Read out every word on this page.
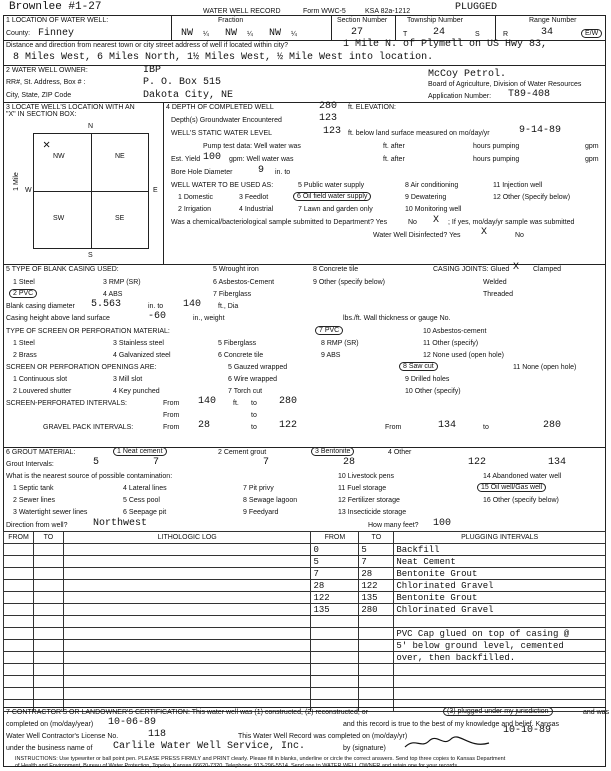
Brownlee #1-27	PLUGGED
WATER WELL RECORD	Form WWC-5	KSA 82a-1212
1 LOCATION OF WATER WELL:
County: Finney
Fraction
NW ¼ NW ¼ NW ¼
Section Number
27
Township Number
T	24	S
Range Number
R	34	E/W
Distance and direction from nearest town or city street address of well if located within city?	1 Mile N. of Plymell on US Hwy 83,
8 Miles West, 6 Miles North, 1½ Miles West, ½ Mile West into location.
2 WATER WELL OWNER:	IBP
RR#, St. Address, Box # :	P. O. Box 515
City, State, ZIP Code	Dakota City, NE
McCoy Petrol.
Board of Agriculture, Division of Water Resources
Application Number: T89-408
3 LOCATE WELL'S LOCATION WITH AN "X" IN SECTION BOX:
N
NW	NE
SW	SE
✕
W	E
S
1 Mile
4 DEPTH OF COMPLETED WELL	280 ft. ELEVATION:
Depth(s) Groundwater Encountered	123
WELL'S STATIC WATER LEVEL	123 ft. below land surface measured on mo/day/yr	9-14-89
Pump test data: Well water was	ft. after	hours pumping	gpm
Est. Yield 100 gpm: Well water was	ft. after	hours pumping	gpm
Bore Hole Diameter	9 in. to
WELL WATER TO BE USED AS:
1 Domestic
2 Irrigation
3 Feedlot
4 Industrial
5 Public water supply
6 Oil field water supply
7 Lawn and garden only
8 Air conditioning
9 Dewatering
10 Monitoring well
11 Injection well
12 Other (Specify below)
Was a chemical/bacteriological sample submitted to Department? Yes	No X ; If yes, mo/day/yr sample was submitted
Water Well Disinfected? Yes X	No
5 TYPE OF BLANK CASING USED:
1 Steel
2 PVC
3 RMP (SR)
4 ABS
5 Wrought iron
6 Asbestos-Cement
7 Fiberglass
8 Concrete tile
9 Other (specify below)
CASING JOINTS: Glued X Clamped
Welded
Threaded
Blank casing diameter 5.563	in. to 140 ft., Dia
Casing height above land surface	-60	in., weight	lbs./ft. Wall thickness or gauge No.
TYPE OF SCREEN OR PERFORATION MATERIAL:
1 Steel
2 Brass
3 Stainless steel
4 Galvanized steel
5 Fiberglass
6 Concrete tile
7 PVC
8 RMP (SR)
9 ABS
10 Asbestos-cement
11 Other (specify)
12 None used (open hole)
SCREEN OR PERFORATION OPENINGS ARE:
1 Continuous slot
2 Louvered shutter
3 Mill slot
4 Key punched
5 Gauzed wrapped
6 Wire wrapped
7 Torch cut
8 Saw cut
9 Drilled holes
10 Other (specify)
11 None (open hole)
SCREEN-PERFORATED INTERVALS:	From 140 ft. to 280
From	to
GRAVEL PACK INTERVALS:	From 28	to 122	From	134	to	280
6 GROUT MATERIAL:	1 Neat cement	2 Cement grout	3 Bentonite	4 Other
Grout Intervals:	5	7	7	28	122	134
What is the nearest source of possible contamination:
1 Septic tank
2 Sewer lines
3 Watertight sewer lines
4 Lateral lines
5 Cess pool
6 Seepage pit
7 Pit privy
8 Sewage lagoon
9 Feedyard
10 Livestock pens
11 Fuel storage
12 Fertilizer storage
13 Insecticide storage
14 Abandoned water well
15 Oil well/Gas well
16 Other (specify below)
Direction from well?	Northwest	How many feet? 100
FROM	TO	LITHOLOGIC LOG	FROM	TO	PLUGGING INTERVALS
			0	5	Backfill
			5	7	Neat Cement
			7	28	Bentonite Grout
			28	122	Chlorinated Gravel
			122	135	Bentonite Grout
			135	280	Chlorinated Gravel

					PVC Cap glued on top of casing @
					5' below ground level, cemented
					over, then backfilled.

7 CONTRACTOR'S OR LANDOWNER'S CERTIFICATION: This water well was (1) constructed, (2) reconstructed, or	(3) plugged under my jurisdiction	and was
completed on (mo/day/year) 10-06-89	and this record is true to the best of my knowledge and belief. Kansas
Water Well Contractor's License No.	118	This Water Well Record was completed on (mo/day/yr)
10-10-89
under the business name of Carlile Water Well Service, Inc.	by (signature)
INSTRUCTIONS: Use typewriter or ball point pen. PLEASE PRESS FIRMLY and PRINT clearly. Please fill in blanks, underline or circle the correct answers. Send top three copies to Kansas Department
of Health and Environment, Bureau of Water Protection, Topeka, Kansas 66620-7320. Telephone: 913-296-5514. Send one to WATER WELL OWNER and retain one for your records.
